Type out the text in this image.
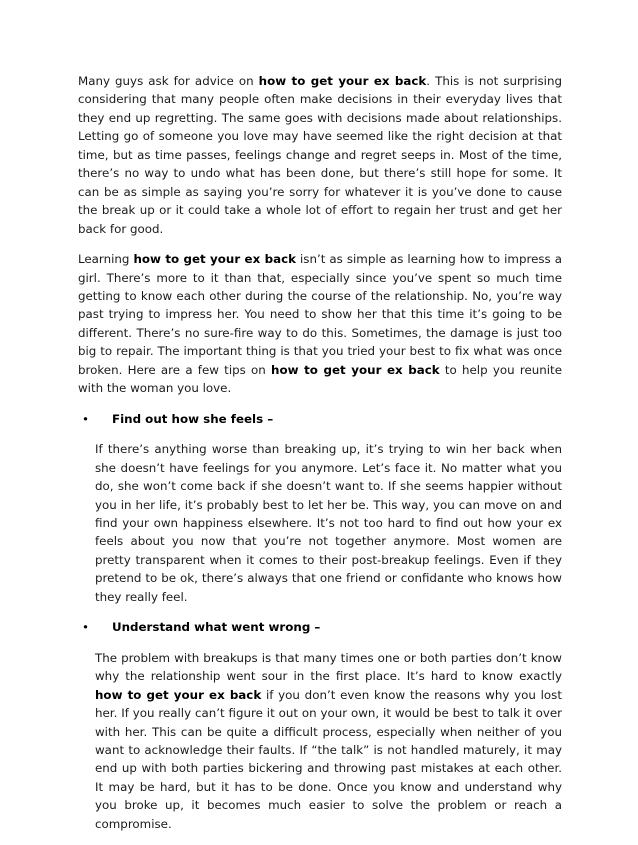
Many guys ask for advice on how to get your ex back. This is not surprising considering that many people often make decisions in their everyday lives that they end up regretting. The same goes with decisions made about relationships. Letting go of someone you love may have seemed like the right decision at that time, but as time passes, feelings change and regret seeps in. Most of the time, there’s no way to undo what has been done, but there’s still hope for some. It can be as simple as saying you’re sorry for whatever it is you’ve done to cause the break up or it could take a whole lot of effort to regain her trust and get her back for good.

Learning how to get your ex back isn’t as simple as learning how to impress a girl. There’s more to it than that, especially since you’ve spent so much time getting to know each other during the course of the relationship. No, you’re way past trying to impress her. You need to show her that this time it’s going to be different. There’s no sure-fire way to do this. Sometimes, the damage is just too big to repair. The important thing is that you tried your best to fix what was once broken. Here are a few tips on how to get your ex back to help you reunite with the woman you love.

• Find out how she feels –

If there’s anything worse than breaking up, it’s trying to win her back when she doesn’t have feelings for you anymore. Let’s face it. No matter what you do, she won’t come back if she doesn’t want to. If she seems happier without you in her life, it’s probably best to let her be. This way, you can move on and find your own happiness elsewhere. It’s not too hard to find out how your ex feels about you now that you’re not together anymore. Most women are pretty transparent when it comes to their post-breakup feelings. Even if they pretend to be ok, there’s always that one friend or confidante who knows how they really feel.

• Understand what went wrong –

The problem with breakups is that many times one or both parties don’t know why the relationship went sour in the first place. It’s hard to know exactly how to get your ex back if you don’t even know the reasons why you lost her. If you really can’t figure it out on your own, it would be best to talk it over with her. This can be quite a difficult process, especially when neither of you want to acknowledge their faults. If “the talk” is not handled maturely, it may end up with both parties bickering and throwing past mistakes at each other. It may be hard, but it has to be done. Once you know and understand why you broke up, it becomes much easier to solve the problem or reach a compromise.
